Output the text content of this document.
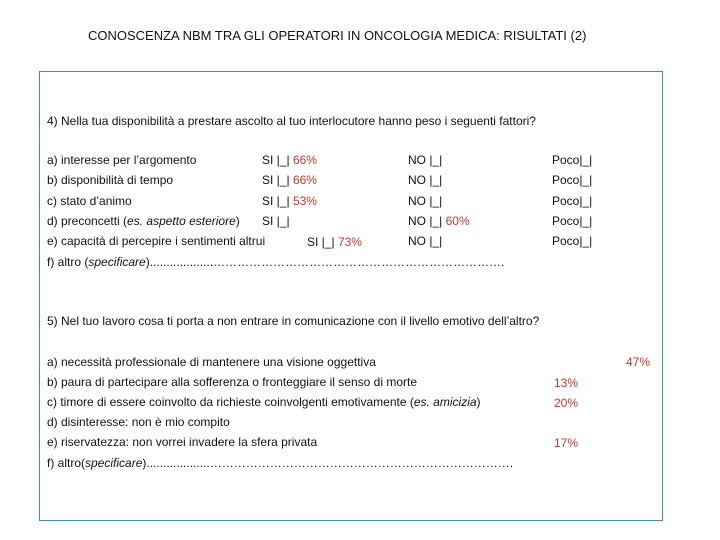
CONOSCENZA NBM TRA GLI OPERATORI IN ONCOLOGIA MEDICA: RISULTATI (2)
4) Nella tua disponibilità a prestare ascolto al tuo interlocutore hanno peso i seguenti fattori?
a) interesse per l’argomento	SI |_| 66%	NO |_|	Poco|_|
b) disponibilità di tempo	SI |_| 66%	NO |_|	Poco|_|
c) stato d’animo	SI |_| 53%	NO |_|	Poco|_|
d) preconcetti (es. aspetto esteriore) SI |_|	NO |_| 60%	Poco|_|
e) capacità di percepire i sentimenti altrui	SI |_| 73%	NO |_|	Poco|_|
f) altro (specificare)...................……………………………………………………………….
5) Nel tuo lavoro cosa ti porta a non entrare in comunicazione con il livello emotivo dell’altro?
a) necessità professionale di mantenere una visione oggettiva	47%
b) paura di partecipare alla sofferenza o fronteggiare il senso di morte	13%
c) timore di essere coinvolto da richieste coinvolgenti emotivamente (es. amicizia)	20%
d) disinteresse: non è mio compito
e) riservatezza: non vorrei invadere la sfera privata	17%
f) altro(specificare)...................………………………………………………………………….
